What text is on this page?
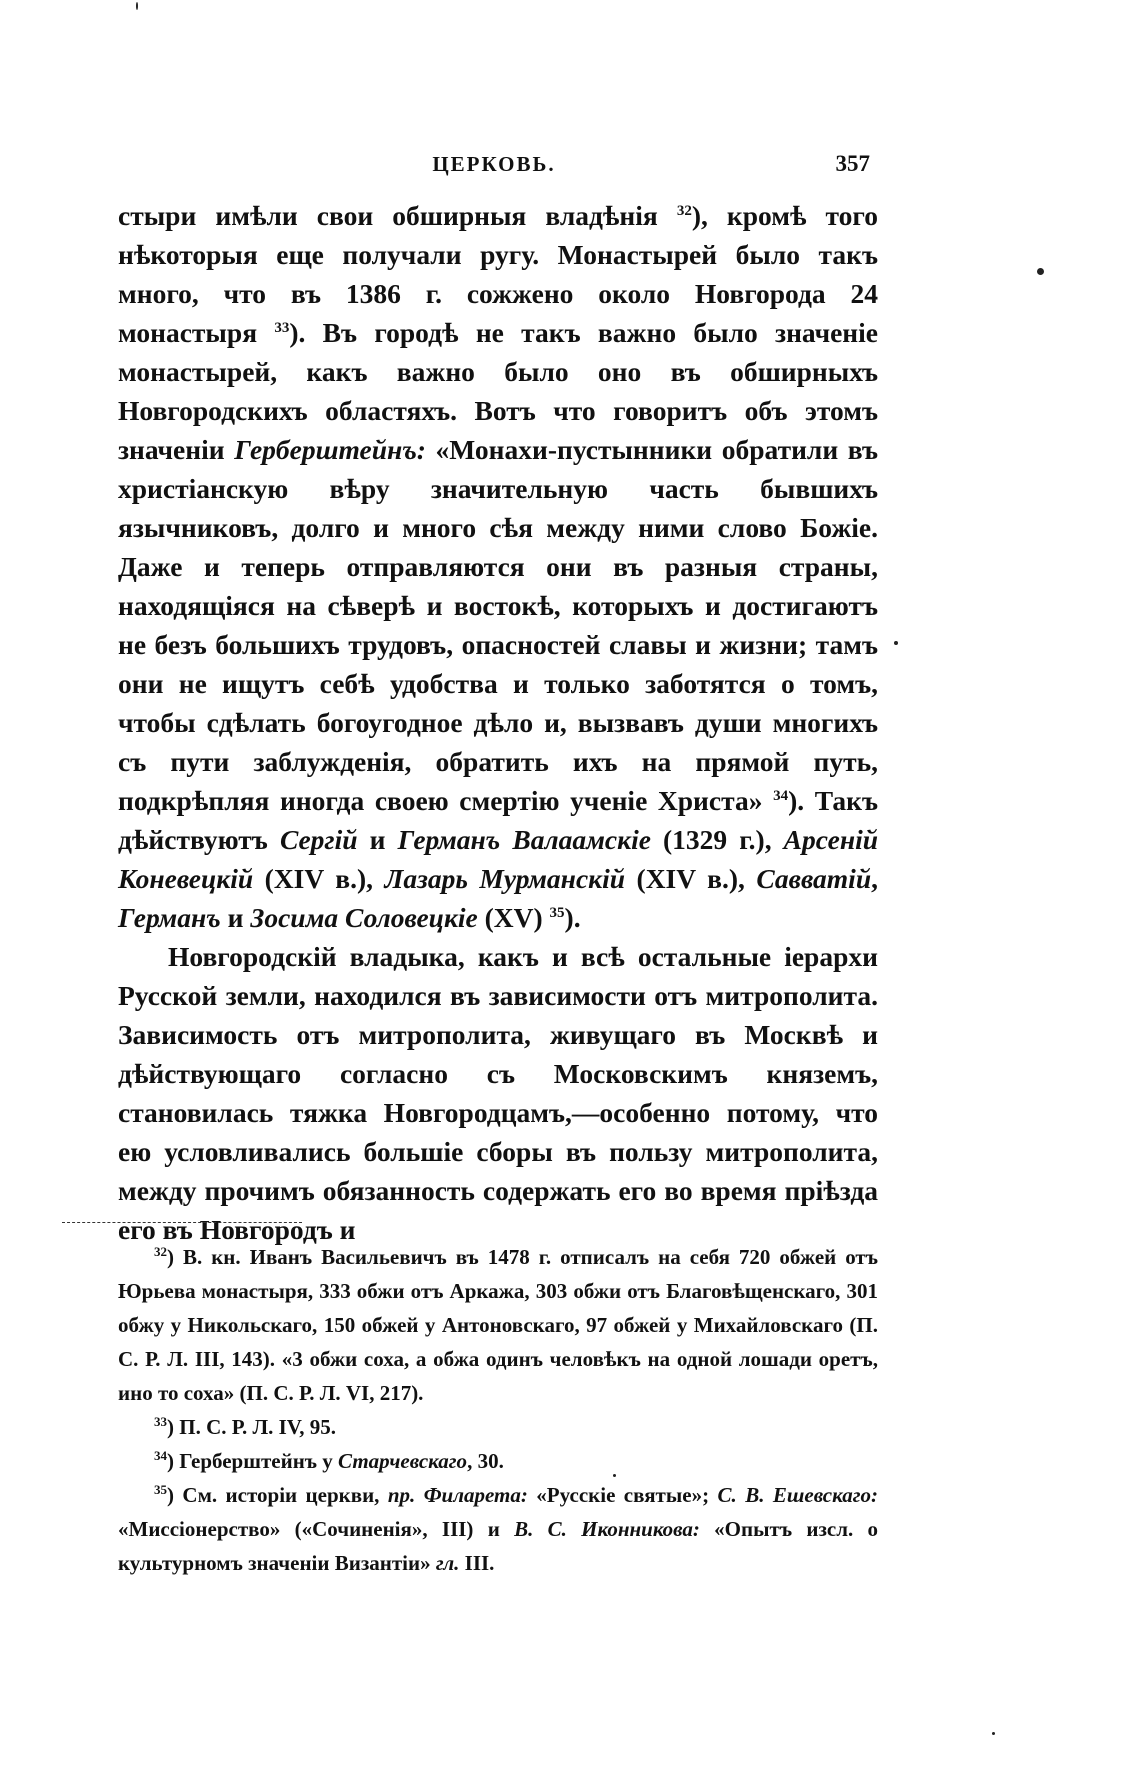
ЦЕРКОВЬ.	357

стыри имѣли свои обширныя владѣнія $^{32}$), кромѣ того нѣкоторыя еще получали ругу. Монастырей было такъ много, что въ 1386 г. сожжено около Новгорода 24 монастыря $^{33}$). Въ городѣ не такъ важно было значеніе монастырей, какъ важно было оно въ обширныхъ Новгородскихъ областяхъ. Вотъ что говоритъ объ этомъ значеніи Герберштейнъ: «Монахи-пустынники обратили въ христіанскую вѣру значительную часть бывшихъ язычниковъ, долго и много сѣя между ними слово Божіе. Даже и теперь отправляются они въ разныя страны, находящіяся на сѣверѣ и востокѣ, которыхъ и достигаютъ не безъ большихъ трудовъ, опасностей славы и жизни; тамъ они не ищутъ себѣ удобства и только заботятся о томъ, чтобы сдѣлать богоугодное дѣло и, вызвавъ души многихъ съ пути заблужденія, обратить ихъ на прямой путь, подкрѣпляя иногда своею смертію ученіе Христа» $^{34}$). Такъ дѣйствуютъ Сергій и Германъ Валаамскіе (1329 г.), Арсеній Коневецкій (XIV в.), Лазарь Мурманскій (XIV в.), Савватій, Германъ и Зосима Соловецкіе (XV) $^{35}$).

Новгородскій владыка, какъ и всѣ остальные іерархи Русской земли, находился въ зависимости отъ митрополита. Зависимость отъ митрополита, живущаго въ Москвѣ и дѣйствующаго согласно съ Московскимъ княземъ, становилась тяжка Новгородцамъ,—особенно потому, что ею условливались большіе сборы въ пользу митрополита, между прочимъ обязанность содержать его во время пріѣзда его въ Новгородъ и

$^{32}$) В. кн. Иванъ Васильевичъ въ 1478 г. отписалъ на себя 720 обжей отъ Юрьева монастыря, 333 обжи отъ Аркажа, 303 обжи отъ Благовѣщенскаго, 301 обжу у Никольскаго, 150 обжей у Антоновскаго, 97 обжей у Михайловскаго (П. С. Р. Л. III, 143). «3 обжи соха, а обжа одинъ человѣкъ на одной лошади оретъ, ино то соха» (П. С. Р. Л. VI, 217).

$^{33}$) П. С. Р. Л. IV, 95.

$^{34}$) Герберштейнъ у Старчевскаго, 30.

$^{35}$) См. исторіи церкви, пр. Филарета: «Русскіе святые»; С. В. Ешевскаго: «Миссіонерство» («Сочиненія», III) и В. С. Иконникова: «Опытъ изсл. о культурномъ значеніи Византіи» гл. III.
